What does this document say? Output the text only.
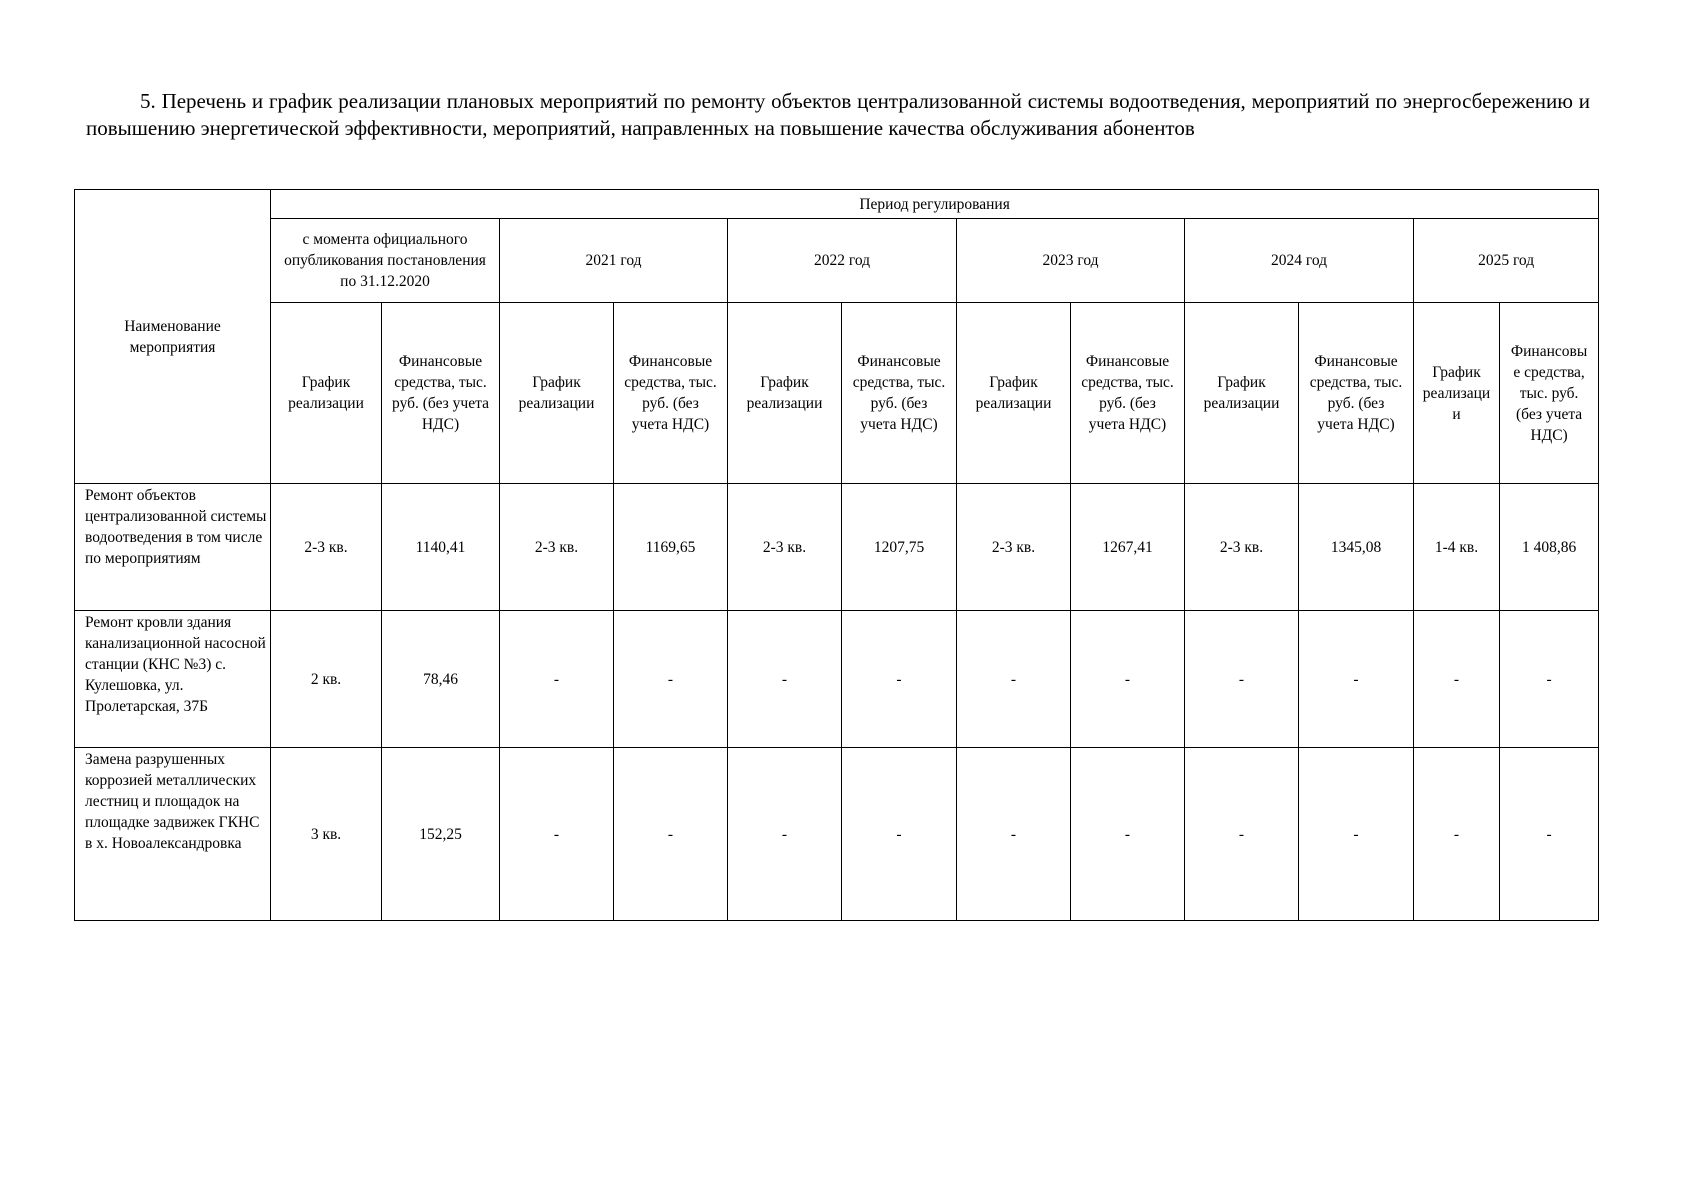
5. Перечень и график реализации плановых мероприятий по ремонту объектов централизованной системы водоотведения, мероприятий по энергосбережению и повышению энергетической эффективности, мероприятий, направленных на повышение качества обслуживания абонентов

Наименование мероприятия	Период регулирования											
	с момента официального опубликования постановления по 31.12.2020		2021 год		2022 год		2023 год		2024 год		2025 год	
	График реализации	Финансовые средства, тыс. руб. (без учета НДС)	График реализации	Финансовые средства, тыс. руб. (без учета НДС)	График реализации	Финансовые средства, тыс. руб. (без учета НДС)	График реализации	Финансовые средства, тыс. руб. (без учета НДС)	График реализации	Финансовые средства, тыс. руб. (без учета НДС)	График реализации	Финансовые средства, тыс. руб. (без учета НДС)
Ремонт объектов централизованной системы водоотведения в том числе по мероприятиям	2-3 кв.	1140,41	2-3 кв.	1169,65	2-3 кв.	1207,75	2-3 кв.	1267,41	2-3 кв.	1345,08	1-4 кв.	1 408,86
Ремонт кровли здания канализационной насосной станции (КНС №3) с. Кулешовка, ул. Пролетарская, 37Б	2 кв.	78,46	-	-	-	-	-	-	-	-	-	-
Замена разрушенных коррозией металлических лестниц и площадок на площадке задвижек ГКНС в х. Новоалександровка	3 кв.	152,25	-	-	-	-	-	-	-	-	-	-
